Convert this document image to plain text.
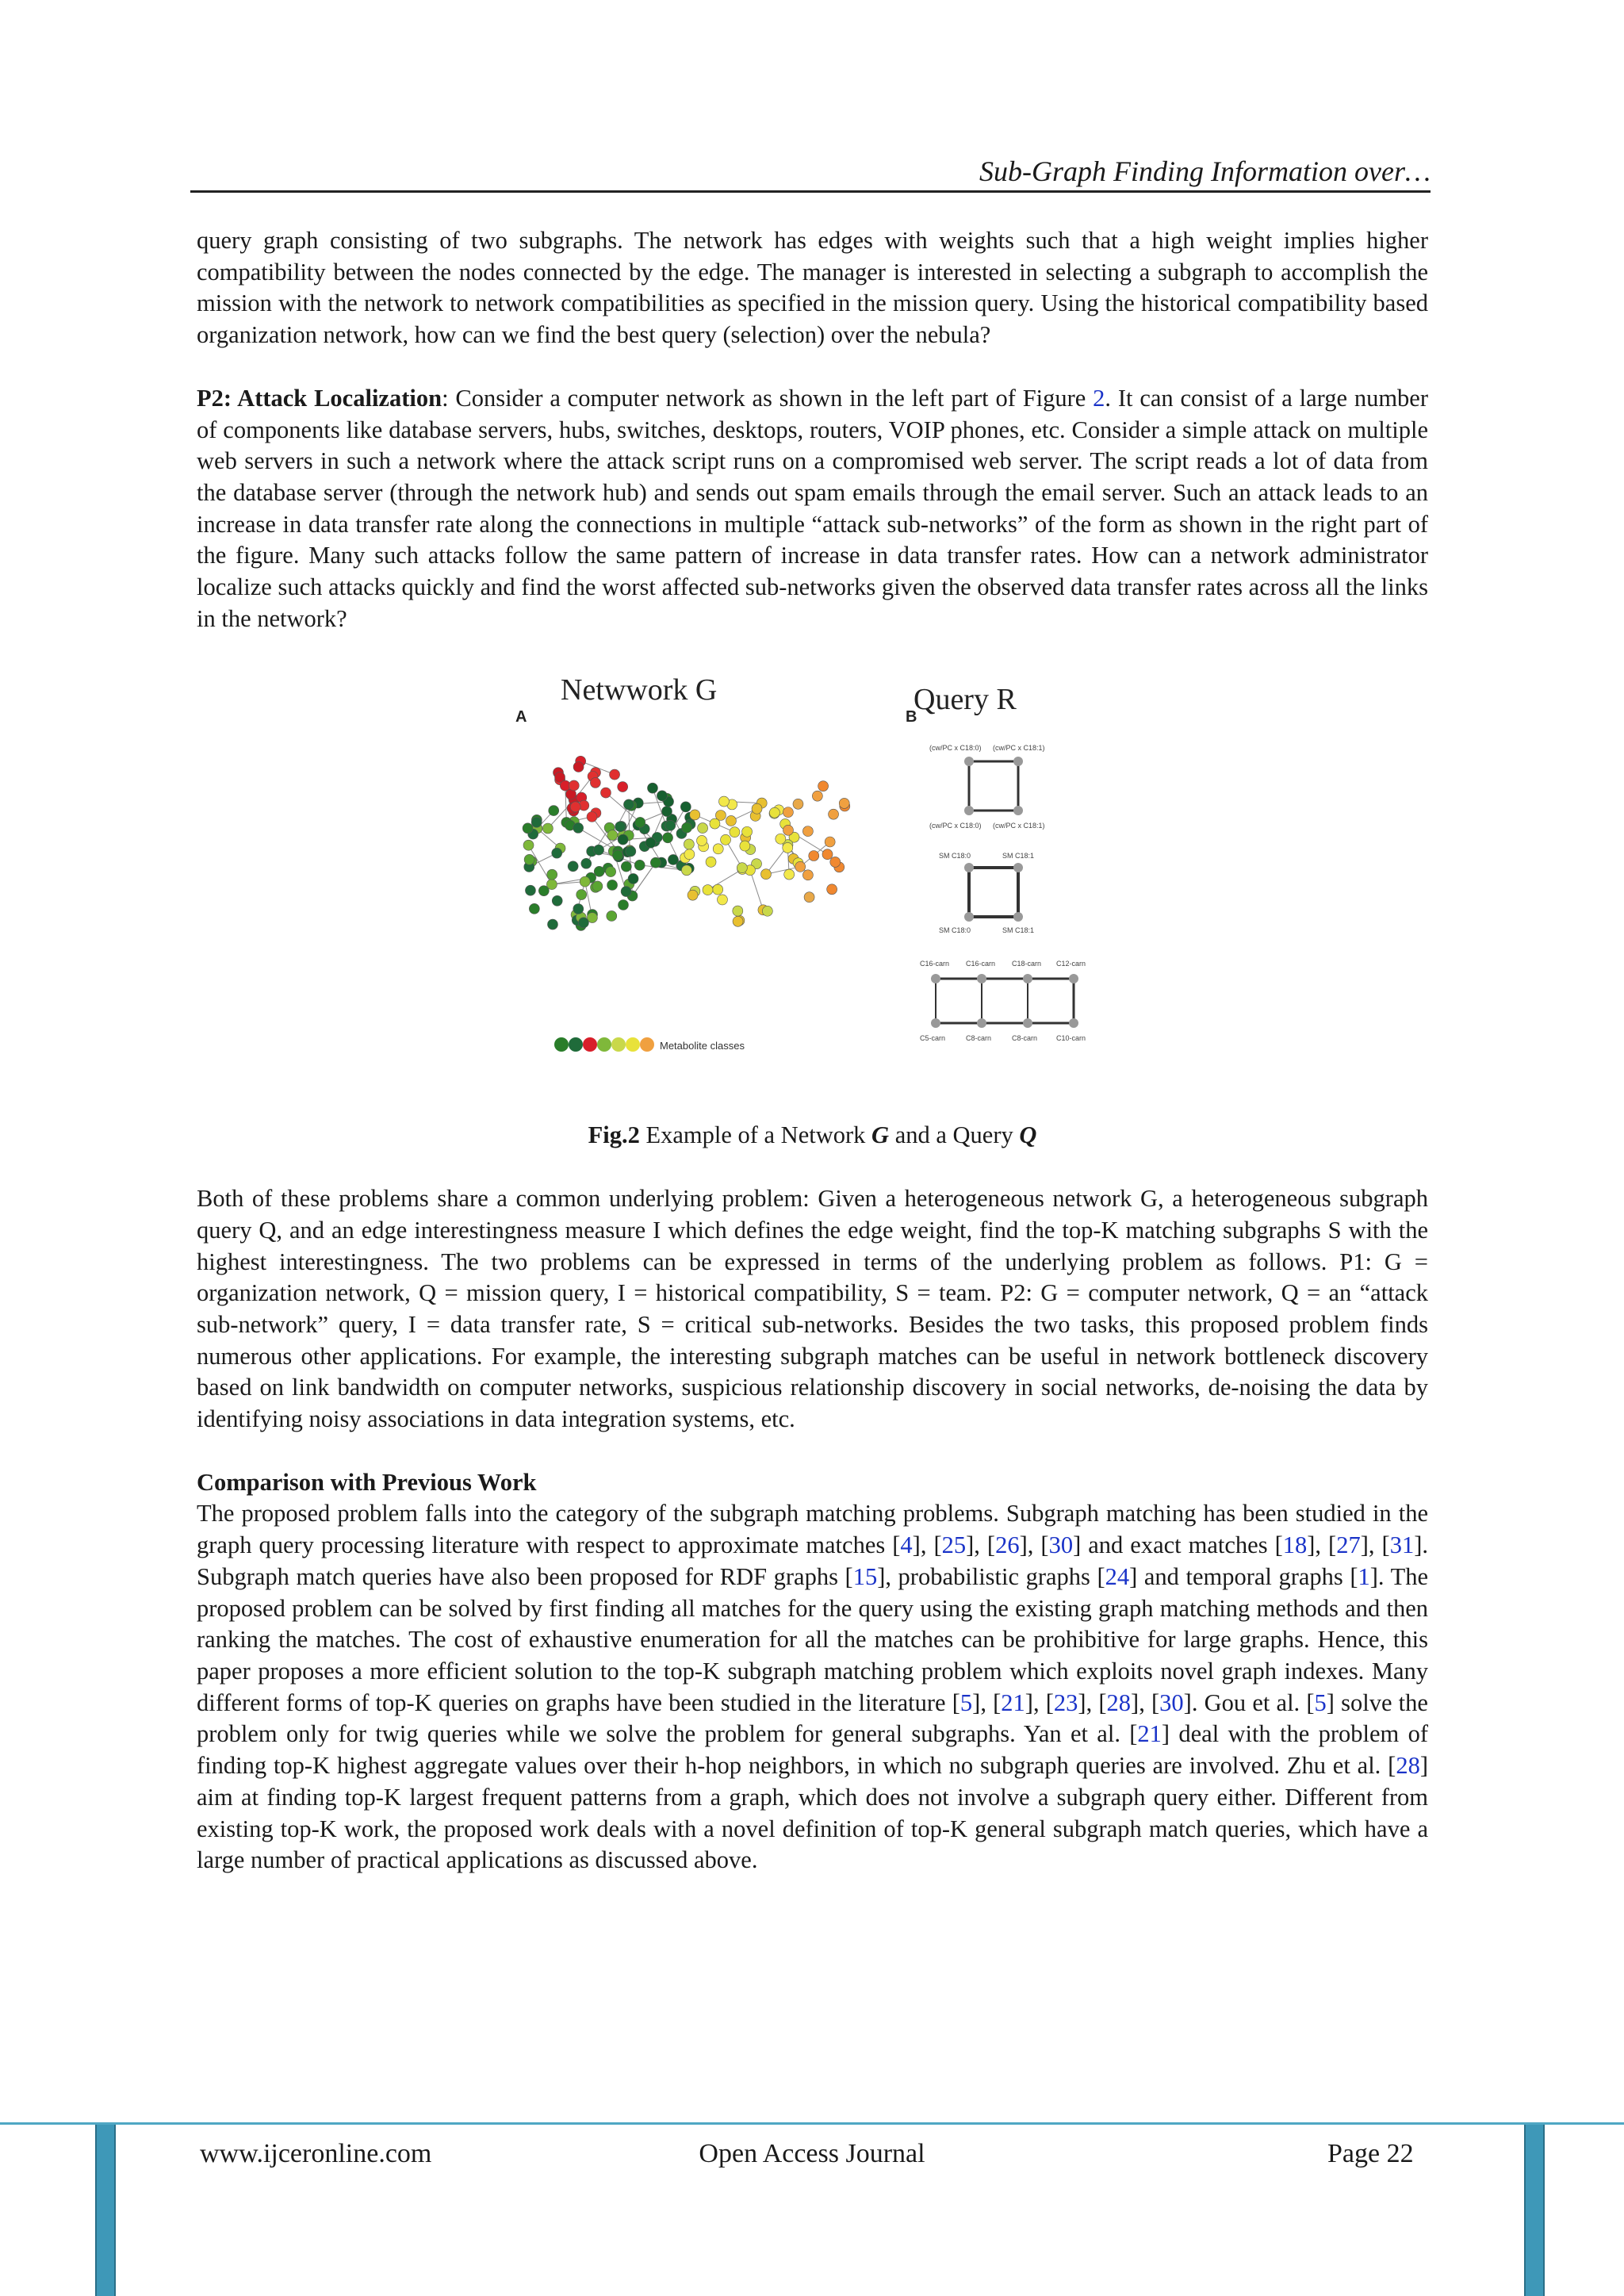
Sub-Graph Finding Information over…

query graph consisting of two subgraphs. The network has edges with weights such that a high weight implies higher compatibility between the nodes connected by the edge. The manager is interested in selecting a subgraph to accomplish the mission with the network to network compatibilities as specified in the mission query. Using the historical compatibility based organization network, how can we find the best query (selection) over the nebula?

P2: Attack Localization: Consider a computer network as shown in the left part of Figure 2. It can consist of a large number of components like database servers, hubs, switches, desktops, routers, VOIP phones, etc. Consider a simple attack on multiple web servers in such a network where the attack script runs on a compromised web server. The script reads a lot of data from the database server (through the network hub) and sends out spam emails through the email server. Such an attack leads to an increase in data transfer rate along the connections in multiple “attack sub-networks” of the form as shown in the right part of the figure. Many such attacks follow the same pattern of increase in data transfer rates. How can a network administrator localize such attacks quickly and find the worst affected sub-networks given the observed data transfer rates across all the links in the network?

Netwwork G	Query R
A	B
Metabolite classes
(cw/PC x C18:0) (cw/PC x C18:1)
(cw/PC x C18:0) (cw/PC x C18:1)
SM C18:0	SM C18:1
SM C18:0	SM C18:1
C16-carn C16-carn C18-carn C12-carn
C5-carn	C8-carn	C8-carn	C10-carn

Fig.2 Example of a Network G and a Query Q

Both of these problems share a common underlying problem: Given a heterogeneous network G, a heterogeneous subgraph query Q, and an edge interestingness measure I which defines the edge weight, find the top-K matching subgraphs S with the highest interestingness. The two problems can be expressed in terms of the underlying problem as follows. P1: G = organization network, Q = mission query, I = historical compatibility, S = team. P2: G = computer network, Q = an “attack sub-network” query, I = data transfer rate, S = critical sub-networks. Besides the two tasks, this proposed problem finds numerous other applications. For example, the interesting subgraph matches can be useful in network bottleneck discovery based on link bandwidth on computer networks, suspicious relationship discovery in social networks, de-noising the data by identifying noisy associations in data integration systems, etc.

Comparison with Previous Work

The proposed problem falls into the category of the subgraph matching problems. Subgraph matching has been studied in the graph query processing literature with respect to approximate matches [4], [25], [26], [30] and exact matches [18], [27], [31]. Subgraph match queries have also been proposed for RDF graphs [15], probabilistic graphs [24] and temporal graphs [1]. The proposed problem can be solved by first finding all matches for the query using the existing graph matching methods and then ranking the matches. The cost of exhaustive enumeration for all the matches can be prohibitive for large graphs. Hence, this paper proposes a more efficient solution to the top-K subgraph matching problem which exploits novel graph indexes. Many different forms of top-K queries on graphs have been studied in the literature [5], [21], [23], [28], [30]. Gou et al. [5] solve the problem only for twig queries while we solve the problem for general subgraphs. Yan et al. [21] deal with the problem of finding top-K highest aggregate values over their h-hop neighbors, in which no subgraph queries are involved. Zhu et al. [28] aim at finding top-K largest frequent patterns from a graph, which does not involve a subgraph query either. Different from existing top-K work, the proposed work deals with a novel definition of top-K general subgraph match queries, which have a large number of practical applications as discussed above.

www.ijceronline.com	Open Access Journal	Page 22
